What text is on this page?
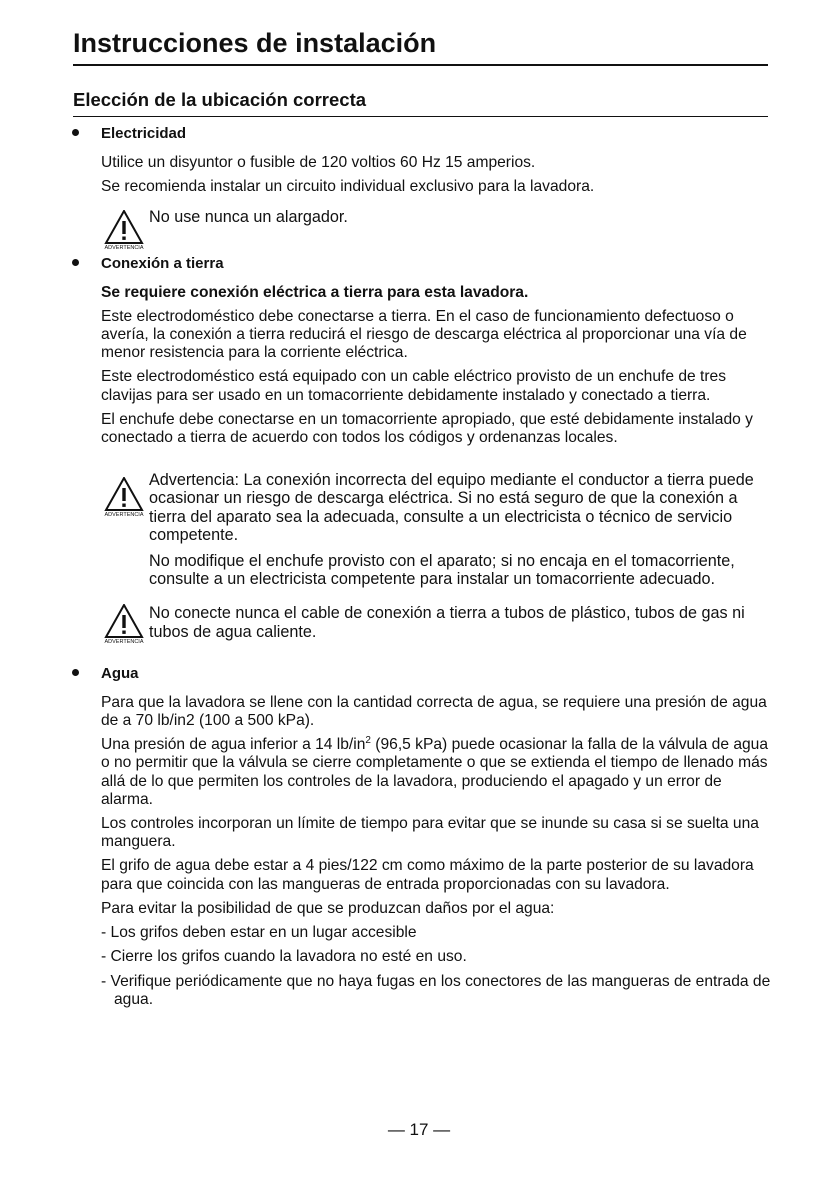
Instrucciones de instalación
Elección de la ubicación correcta
Electricidad

Utilice un disyuntor o fusible de 120 voltios 60 Hz 15 amperios.

Se recomienda instalar un circuito individual exclusivo para la lavadora.

ADVERTENCIA
No use nunca un alargador.
Conexión a tierra

Se requiere conexión eléctrica a tierra para esta lavadora.

Este electrodoméstico debe conectarse a tierra. En el caso de funcionamiento defectuoso o avería, la conexión a tierra reducirá el riesgo de descarga eléctrica al proporcionar una vía de menor resistencia para la corriente eléctrica.

Este electrodoméstico está equipado con un cable eléctrico provisto de un enchufe de tres clavijas para ser usado en un tomacorriente debidamente instalado y conectado a tierra.

El enchufe debe conectarse en un tomacorriente apropiado, que esté debidamente instalado y conectado a tierra de acuerdo con todos los códigos y ordenanzas locales.

ADVERTENCIA

Advertencia: La conexión incorrecta del equipo mediante el conductor a tierra puede ocasionar un riesgo de descarga eléctrica. Si no está seguro de que la conexión a tierra del aparato sea la adecuada, consulte a un electricista o técnico de servicio competente.

No modifique el enchufe provisto con el aparato; si no encaja en el tomacorriente, consulte a un electricista competente para instalar un tomacorriente adecuado.

ADVERTENCIA
No conecte nunca el cable de conexión a tierra a tubos de plástico, tubos de gas ni tubos de agua caliente.
Agua

Para que la lavadora se llene con la cantidad correcta de agua, se requiere una presión de agua de a 70 lb/in2 (100 a 500 kPa).

Una presión de agua inferior a 14 $lb/in^2$ (96,5 kPa) puede ocasionar la falla de la válvula de agua o no permitir que la válvula se cierre completamente o que se extienda el tiempo de llenado más allá de lo que permiten los controles de la lavadora, produciendo el apagado y un error de alarma.

Los controles incorporan un límite de tiempo para evitar que se inunde su casa si se suelta una manguera.

El grifo de agua debe estar a 4 pies/122 cm como máximo de la parte posterior de su lavadora para que coincida con las mangueras de entrada proporcionadas con su lavadora.

Para evitar la posibilidad de que se produzcan daños por el agua:

- Los grifos deben estar en un lugar accesible

- Cierre los grifos cuando la lavadora no esté en uso.

- Verifique periódicamente que no haya fugas en los conectores de las mangueras de entrada de agua.

— 17 —
